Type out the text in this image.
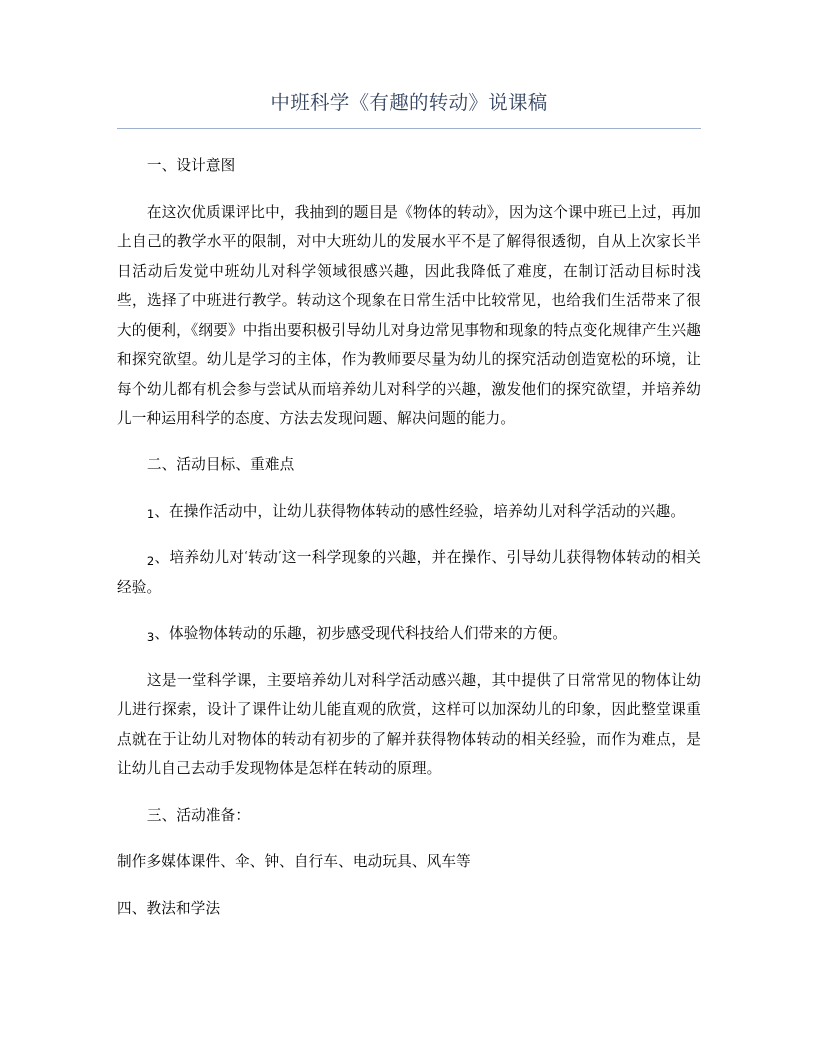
中班科学《有趣的转动》说课稿

一、设计意图

在这次优质课评比中，我抽到的题目是《物体的转动》，因为这个课中班已上过，再加上自己的教学水平的限制，对中大班幼儿的发展水平不是了解得很透彻，自从上次家长半日活动后发觉中班幼儿对科学领域很感兴趣，因此我降低了难度，在制订活动目标时浅些，选择了中班进行教学。转动这个现象在日常生活中比较常见，也给我们生活带来了很大的便利，《纲要》中指出要积极引导幼儿对身边常见事物和现象的特点变化规律产生兴趣和探究欲望。幼儿是学习的主体，作为教师要尽量为幼儿的探究活动创造宽松的环境，让每个幼儿都有机会参与尝试从而培养幼儿对科学的兴趣，激发他们的探究欲望，并培养幼儿一种运用科学的态度、方法去发现问题、解决问题的能力。

二、活动目标、重难点

1、在操作活动中，让幼儿获得物体转动的感性经验，培养幼儿对科学活动的兴趣。

2、培养幼儿对‘转动’这一科学现象的兴趣，并在操作、引导幼儿获得物体转动的相关经验。

3、体验物体转动的乐趣，初步感受现代科技给人们带来的方便。

这是一堂科学课，主要培养幼儿对科学活动感兴趣，其中提供了日常常见的物体让幼儿进行探索，设计了课件让幼儿能直观的欣赏，这样可以加深幼儿的印象，因此整堂课重点就在于让幼儿对物体的转动有初步的了解并获得物体转动的相关经验，而作为难点，是让幼儿自己去动手发现物体是怎样在转动的原理。

三、活动准备：

制作多媒体课件、伞、钟、自行车、电动玩具、风车等

四、教法和学法
